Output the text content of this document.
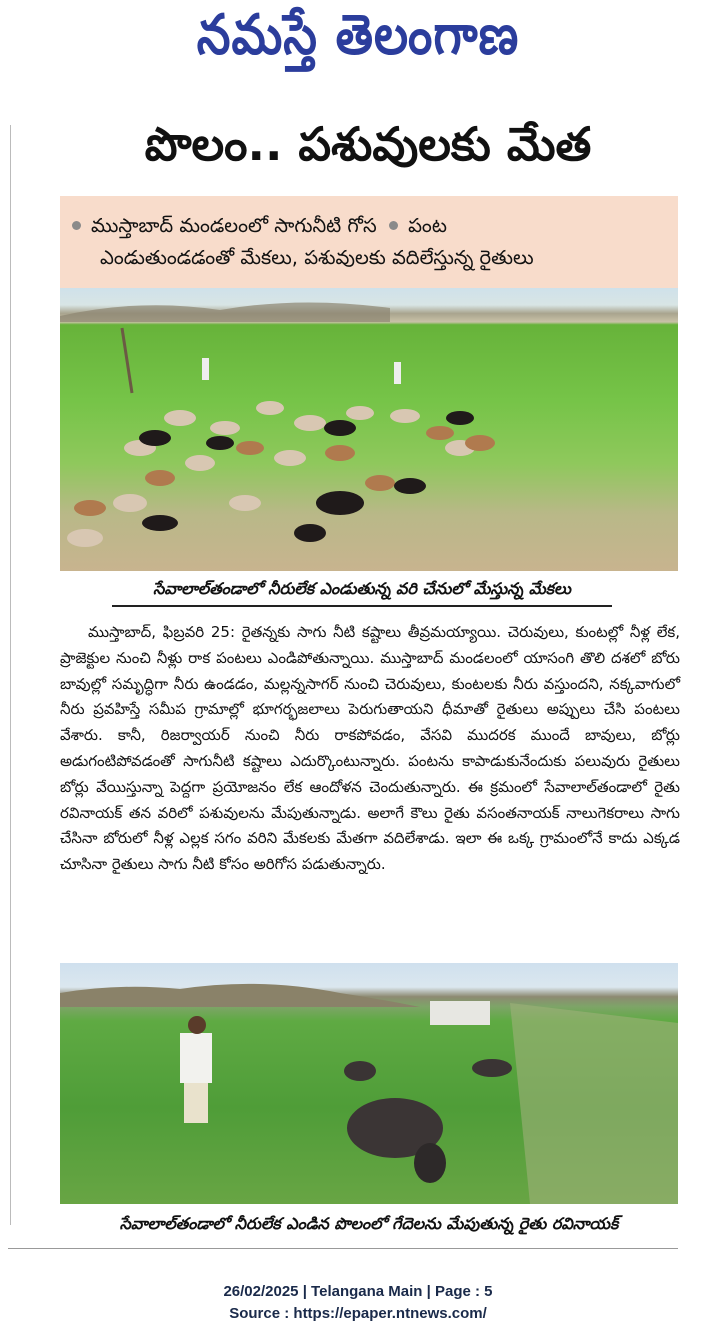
నమస్తే తెలంగాణ
పొలం.. పశువులకు మేత
ముస్తాబాద్ మండలంలో సాగునీటి గోస పంట
ఎండుతుండడంతో మేకలు, పశువులకు వదిలేస్తున్న రైతులు
సేవాలాల్‌తండాలో నీరులేక ఎండుతున్న వరి చేనులో మేస్తున్న మేకలు

ముస్తాబాద్, ఫిబ్రవరి 25: రైతన్నకు సాగు నీటి కష్టాలు తీవ్రమయ్యాయి. చెరువులు, కుంటల్లో నీళ్ల లేక, ప్రాజెక్టుల నుంచి నీళ్లు రాక పంటలు ఎండిపోతున్నాయి. ముస్తాబాద్ మండలంలో యాసంగి తొలి దశలో బోరు బావుల్లో సమృద్ధిగా నీరు ఉండడం, మల్లన్నసాగర్ నుంచి చెరువులు, కుంటలకు నీరు వస్తుందని, నక్కవాగులో నీరు ప్రవహిస్తే సమీప గ్రామాల్లో భూగర్భజలాలు పెరుగుతాయని ధీమాతో రైతులు అప్పులు చేసి పంటలు వేశారు. కానీ, రిజర్వాయర్ నుంచి నీరు రాకపోవడం, వేసవి ముదరక ముందే బావులు, బోర్లు అడుగంటిపోవడంతో సాగునీటి కష్టాలు ఎదుర్కొంటున్నారు. పంటను కాపాడుకునేందుకు పలువురు రైతులు బోర్లు వేయిస్తున్నా పెద్దగా ప్రయోజనం లేక ఆందోళన చెందుతున్నారు. ఈ క్రమంలో సేవాలాల్‌తండాలో రైతు రవినాయక్ తన వరిలో పశువులను మేపుతున్నాడు. అలాగే కౌలు రైతు వసంతనాయక్ నాలుగెకరాలు సాగు చేసినా బోరులో నీళ్ల ఎల్లక సగం వరిని మేకలకు మేతగా వదిలేశాడు. ఇలా ఈ ఒక్క గ్రామంలోనే కాదు ఎక్కడ చూసినా రైతులు సాగు నీటి కోసం అరిగోస పడుతున్నారు.

సేవాలాల్‌తండాలో నీరులేక ఎండిన పొలంలో గేదెలను మేపుతున్న రైతు రవినాయక్
26/02/2025 | Telangana Main | Page : 5
Source : https://epaper.ntnews.com/
